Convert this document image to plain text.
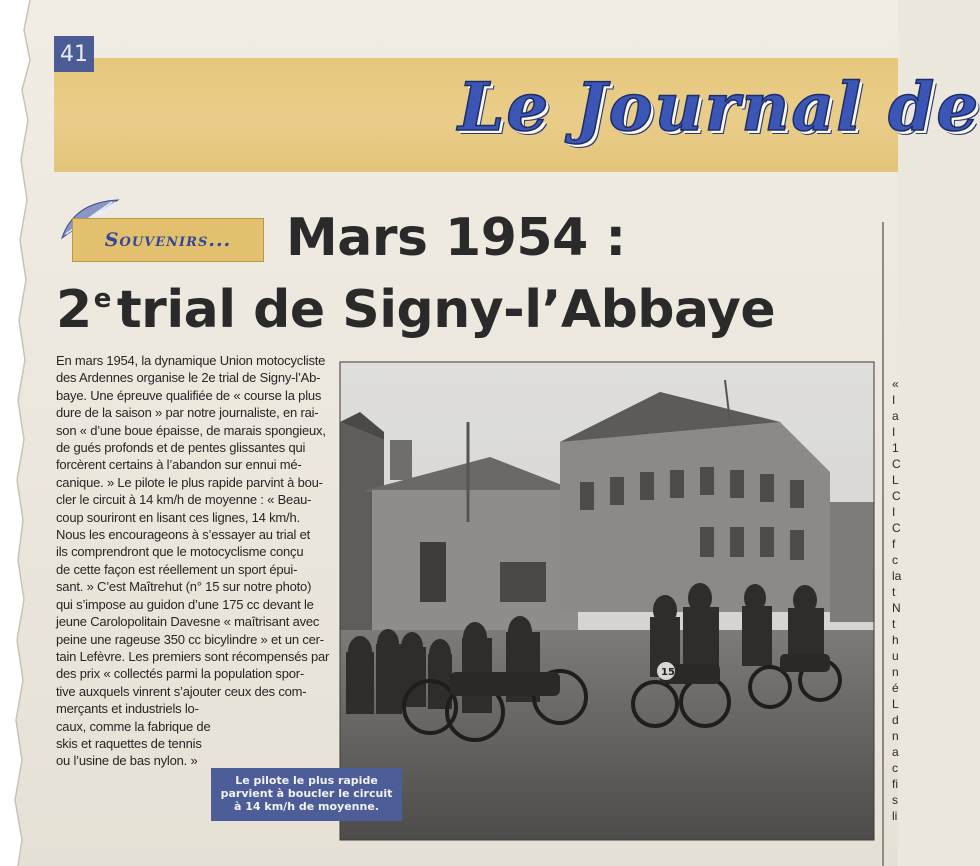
Le Journal de
41
Souvenirs...	Mars 1954 :
2e trial de Signy-l’Abbaye
En mars 1954, la dynamique Union motocycliste
des Ardennes organise le 2e trial de Signy-l’Ab-
baye. Une épreuve qualifiée de « course la plus
dure de la saison » par notre journaliste, en rai-
son « d’une boue épaisse, de marais spongieux,
de gués profonds et de pentes glissantes qui
forcèrent certains à l’abandon sur ennui mé-
canique. » Le pilote le plus rapide parvint à bou-
cler le circuit à 14 km/h de moyenne : « Beau-
coup souriront en lisant ces lignes, 14 km/h.
Nous les encourageons à s’essayer au trial et
ils comprendront que le motocyclisme conçu
de cette façon est réellement un sport épui-
sant. » C’est Maîtrehut (n° 15 sur notre photo)
qui s’impose au guidon d’une 175 cc devant le
jeune Carolopolitain Davesne « maîtrisant avec
peine une rageuse 350 cc bicylindre » et un cer-
tain Lefèvre. Les premiers sont récompensés par
des prix « collectés parmi la population spor-
tive auxquels vinrent s’ajouter ceux des com-
merçants et industriels lo-
caux, comme la fabrique de
skis et raquettes de tennis
ou l’usine de bas nylon. »
15
Le pilote le plus rapide
parvient à boucler le circuit
à 14 km/h de moyenne.
«
I
a
I
1
C
L
C
I
C
f
c
la
t
N
t
h
u
n
é
L
d
n
a
c
fi
s
li
